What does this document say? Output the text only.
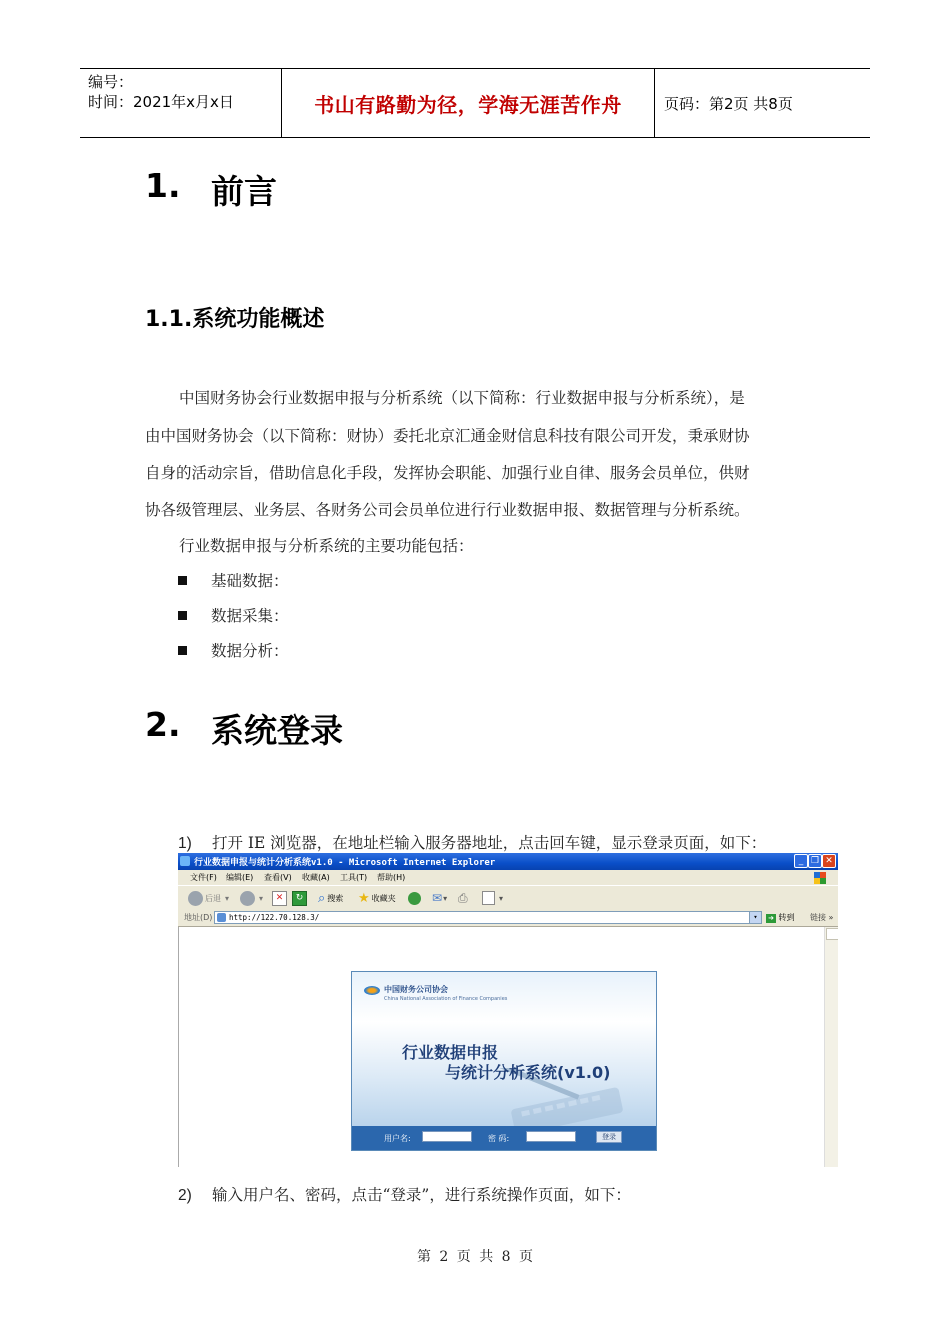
编号：
时间：2021年x月x日	书山有路勤为径，学海无涯苦作舟	页码：第2页 共8页
1. 前言
1.1.系统功能概述
中国财务协会行业数据申报与分析系统（以下简称：行业数据申报与分析系统），是
由中国财务协会（以下简称：财协）委托北京汇通金财信息科技有限公司开发，秉承财协
自身的活动宗旨，借助信息化手段，发挥协会职能、加强行业自律、服务会员单位，供财
协各级管理层、业务层、各财务公司会员单位进行行业数据申报、数据管理与分析系统。
行业数据申报与分析系统的主要功能包括：
基础数据：
数据采集：
数据分析：
2. 系统登录
1) 打开 IE 浏览器，在地址栏输入服务器地址，点击回车键，显示登录页面，如下：
行业数据申报与统计分析系统v1.0 - Microsoft Internet Explorer	_ ❐ ✕
文件(F) 编辑(E) 查看(V) 收藏(A) 工具(T) 帮助(H)
后退 ▾	▾	✕	↻ ⌕ 搜索 ★ 收藏夹	✉ ▾ ⎙	▾
地址(D)	http://122.70.128.3/	▾	➜ 转到 链接 »
中国财务公司协会
China National Association of Finance Companies
行业数据申报
与统计分析系统(v1.0)
用户名:	密 码:	登录
2) 输入用户名、密码，点击“登录”，进行系统操作页面，如下：
第 2 页 共 8 页
